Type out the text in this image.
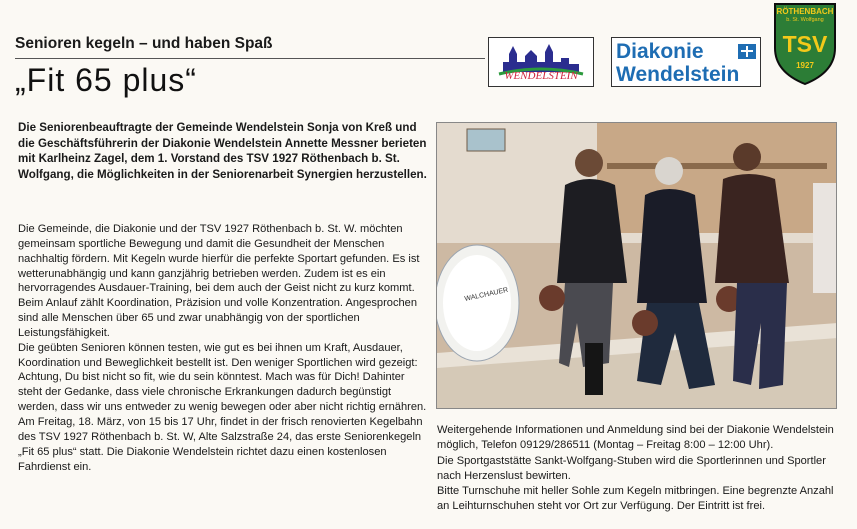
Senioren kegeln – und haben Spaß
„Fit 65 plus“	WENDELSTEIN
Diakonie
Wendelstein
RÖTHENBACH
b. St. Wolfgang
TSV
1927

Die Seniorenbeauftragte der Gemeinde Wendelstein Sonja von Kreß und die Geschäftsführerin der Diakonie Wendelstein Annette Messner berieten mit Karlheinz Zagel, dem 1. Vorstand des TSV 1927 Röthenbach b. St. Wolfgang, die Möglichkeiten in der Seniorenarbeit Synergien herzustellen.

Die Gemeinde, die Diakonie und der TSV 1927 Röthenbach b. St. W. möchten gemeinsam sportliche Bewegung und damit die Gesundheit der Menschen nachhaltig fördern. Mit Kegeln wurde hierfür die perfekte Sportart gefunden. Es ist wetterunabhängig und kann ganzjährig betrieben werden. Zudem ist es ein hervorragendes Ausdauer-Training, bei dem auch der Geist nicht zu kurz kommt. Beim Anlauf zählt Koordination, Präzision und volle Konzentration. Angesprochen sind alle Menschen über 65 und zwar unabhängig von der sportlichen Leistungsfähigkeit.

Die geübten Senioren können testen, wie gut es bei ihnen um Kraft, Ausdauer, Koordination und Beweglichkeit bestellt ist. Den weniger Sportlichen wird gezeigt: Achtung, Du bist nicht so fit, wie du sein könntest. Mach was für Dich! Dahinter steht der Gedanke, dass viele chronische Erkrankungen dadurch begünstigt werden, dass wir uns entweder zu wenig bewegen oder aber nicht richtig ernähren.

Am Freitag, 18. März, von 15 bis 17 Uhr, findet in der frisch renovierten Kegelbahn des TSV 1927 Röthenbach b. St. W, Alte Salzstraße 24, das erste Seniorenkegeln „Fit 65 plus“ statt. Die Diakonie Wendelstein richtet dazu einen kostenlosen Fahrdienst ein.

WALCHAUER

Weitergehende Informationen und Anmeldung sind bei der Diakonie Wendelstein möglich, Telefon 09129/286511 (Montag – Freitag 8:00 – 12:00 Uhr).

Die Sportgaststätte Sankt-Wolfgang-Stuben wird die Sportlerinnen und Sportler nach Herzenslust bewirten.

Bitte Turnschuhe mit heller Sohle zum Kegeln mitbringen. Eine begrenzte Anzahl an Leihturnschuhen steht vor Ort zur Verfügung. Der Eintritt ist frei.
